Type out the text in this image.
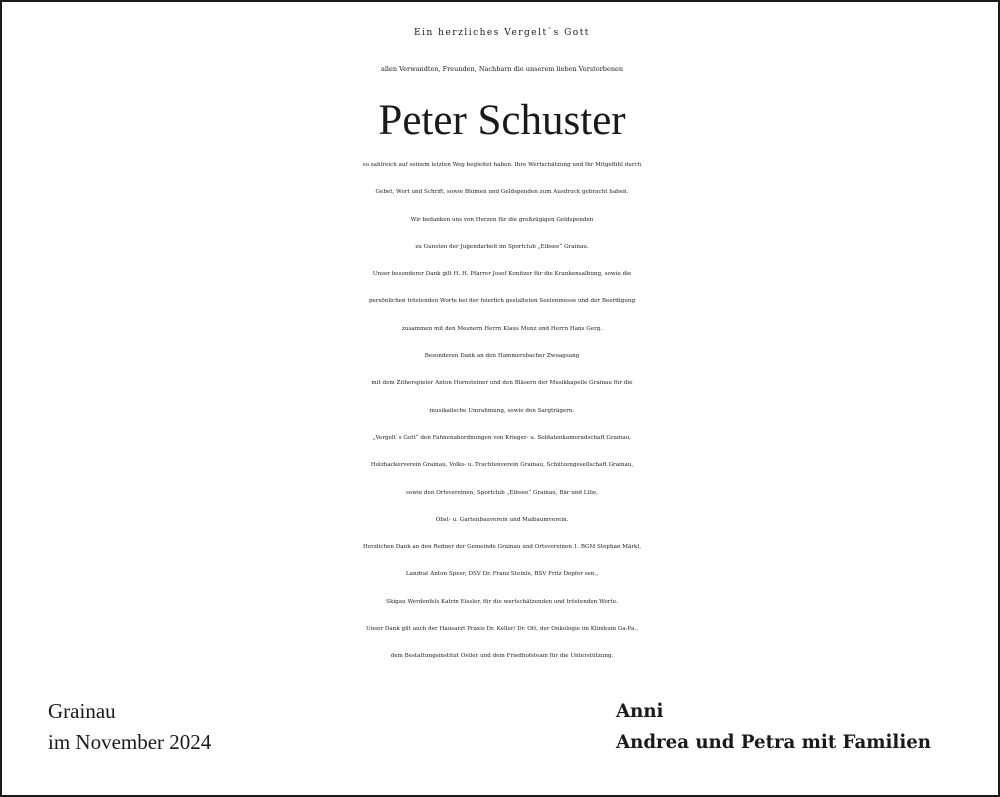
Ein herzliches Vergelt`s Gott
allen Verwandten, Freunden, Nachbarn die unserem lieben Verstorbenen
Peter Schuster
so zahlreich auf seinem letzten Weg begleitet haben. Ihre Wertschätzung und Ihr Mitgefühl durch
Gebet, Wort und Schrift, sowie Blumen und Geldspenden zum Ausdruck gebracht haben.
Wir bedanken uns von Herzen für die großzügigen Geldspenden
zu Gunsten der Jugendarbeit im Sportclub „Eibsee“ Grainau.
Unser besonderer Dank gilt H. H. Pfarrer Josef Konitzer für die Krankensalbung, sowie die
persönlichen tröstenden Worte bei der feierlich gestalteten Seelenmesse und der Beerdigung
zusammen mit den Mesnern Herrn Klaus Munz und Herrn Hans Gerg.
Besonderen Dank an den Hammersbacher Zwoagsang
mit dem Zitherspieler Anton Hornsteiner und den Bläsern der Musikkapelle Grainau für die
musikalische Umrahmung, sowie den Sargträgern.
„Vergelt`s Gott“ den Fahnenabordnungen von Krieger- u. Soldatenkameradschaft Grainau,
Holzhackerverein Grainau, Volks- u. Trachtenverein Grainau, Schützengesellschaft Grainau,
sowie den Ortsvereinen, Sportclub „Eibsee“ Grainau, Bär und Lilie,
Obst- u. Gartenbauverein und Maibaumverein.
Herzlichen Dank an den Redner der Gemeinde Grainau und Ortsvereinen 1. BGM Stephan Märkl,
Landrat Anton Speer, DSV Dr. Franz Steinle, BSV Fritz Dopfer sen.,
Skigau Werdenfels Katrin Eissler, für die wertschätzenden und tröstenden Worte.
Unser Dank gilt auch der Hausarzt Praxis Dr. Keller/ Dr. Ott, der Onkologie im Klinikum Ga-Pa.,
dem Bestattungsinstitut Ostler und dem Friedhofsteam für die Unterstützung.
Grainau
im November 2024
Anni
Andrea und Petra mit Familien
